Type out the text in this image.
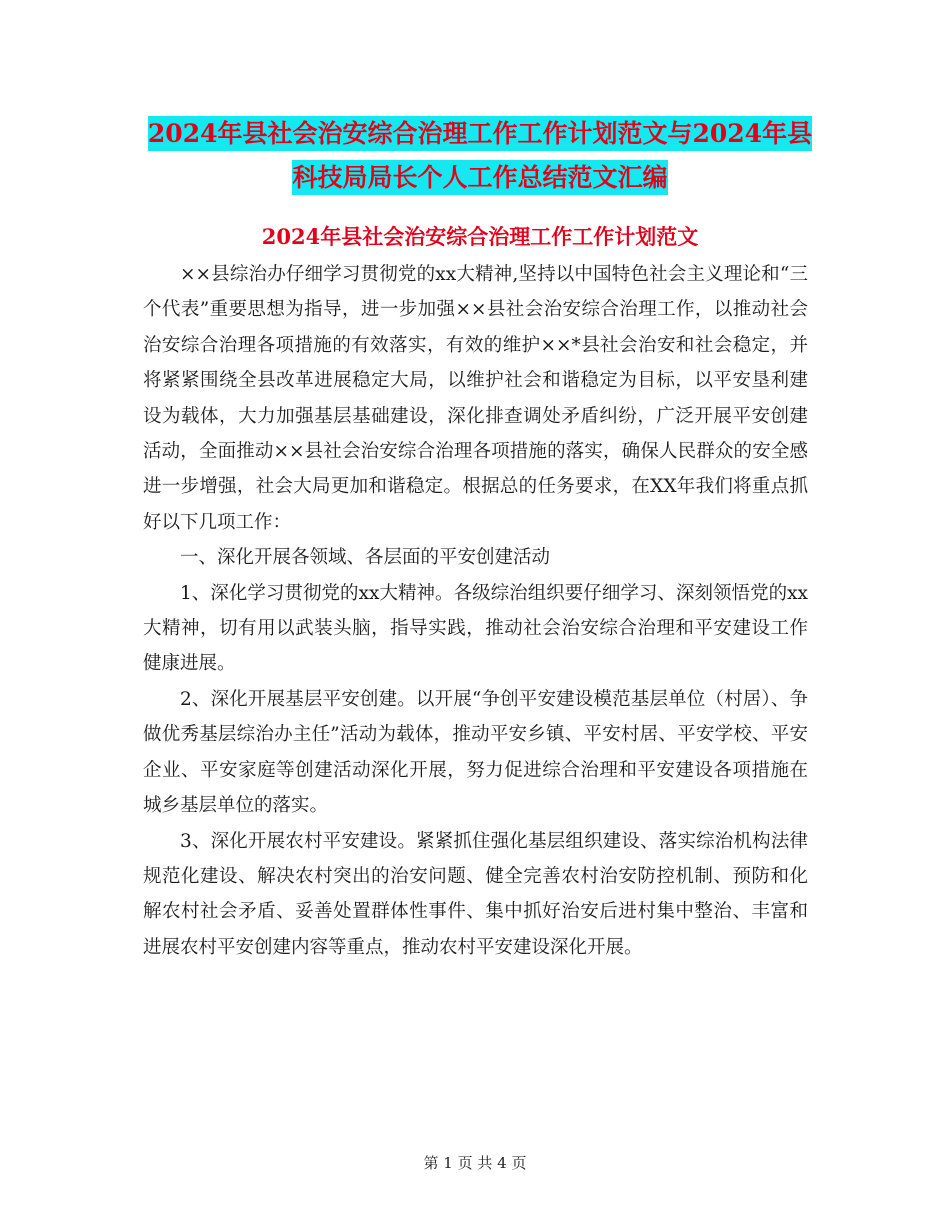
2024年县社会治安综合治理工作工作计划范文与2024年县科技局局长个人工作总结范文汇编
2024年县社会治安综合治理工作工作计划范文

××县综治办仔细学习贯彻党的xx大精神,坚持以中国特色社会主义理论和“三个代表”重要思想为指导，进一步加强××县社会治安综合治理工作，以推动社会治安综合治理各项措施的有效落实，有效的维护××*县社会治安和社会稳定，并将紧紧围绕全县改革进展稳定大局，以维护社会和谐稳定为目标，以平安垦利建设为载体，大力加强基层基础建设，深化排查调处矛盾纠纷，广泛开展平安创建活动，全面推动××县社会治安综合治理各项措施的落实，确保人民群众的安全感进一步增强，社会大局更加和谐稳定。根据总的任务要求，在XX年我们将重点抓好以下几项工作：

一、深化开展各领域、各层面的平安创建活动

1、深化学习贯彻党的xx大精神。各级综治组织要仔细学习、深刻领悟党的xx大精神，切有用以武装头脑，指导实践，推动社会治安综合治理和平安建设工作健康进展。

2、深化开展基层平安创建。以开展“争创平安建设模范基层单位（村居）、争做优秀基层综治办主任”活动为载体，推动平安乡镇、平安村居、平安学校、平安企业、平安家庭等创建活动深化开展，努力促进综合治理和平安建设各项措施在城乡基层单位的落实。

3、深化开展农村平安建设。紧紧抓住强化基层组织建设、落实综治机构法律规范化建设、解决农村突出的治安问题、健全完善农村治安防控机制、预防和化解农村社会矛盾、妥善处置群体性事件、集中抓好治安后进村集中整治、丰富和进展农村平安创建内容等重点，推动农村平安建设深化开展。

第 1 页 共 4 页
